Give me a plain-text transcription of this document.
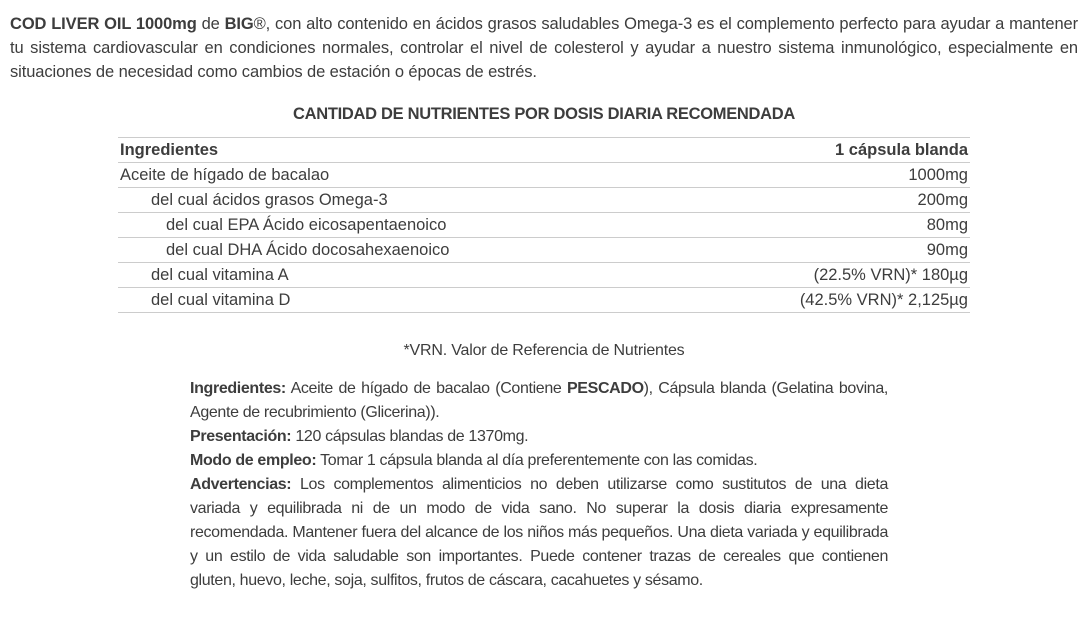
COD LIVER OIL 1000mg de BIG®, con alto contenido en ácidos grasos saludables Omega-3 es el complemento perfecto para ayudar a mantener tu sistema cardiovascular en condiciones normales, controlar el nivel de colesterol y ayudar a nuestro sistema inmunológico, especialmente en situaciones de necesidad como cambios de estación o épocas de estrés.

CANTIDAD DE NUTRIENTES POR DOSIS DIARIA RECOMENDADA
Ingredientes	1 cápsula blanda
Aceite de hígado de bacalao	1000mg
del cual ácidos grasos Omega-3	200mg
del cual EPA Ácido eicosapentaenoico	80mg
del cual DHA Ácido docosahexaenoico	90mg
del cual vitamina A	(22.5% VRN)* 180µg
del cual vitamina D	(42.5% VRN)* 2,125µg
*VRN. Valor de Referencia de Nutrientes

Ingredientes: Aceite de hígado de bacalao (Contiene PESCADO), Cápsula blanda (Gelatina bovina, Agente de recubrimiento (Glicerina)).

Presentación: 120 cápsulas blandas de 1370mg.

Modo de empleo: Tomar 1 cápsula blanda al día preferentemente con las comidas.

Advertencias: Los complementos alimenticios no deben utilizarse como sustitutos de una dieta variada y equilibrada ni de un modo de vida sano. No superar la dosis diaria expresamente recomendada. Mantener fuera del alcance de los niños más pequeños. Una dieta variada y equilibrada y un estilo de vida saludable son importantes. Puede contener trazas de cereales que contienen gluten, huevo, leche, soja, sulfitos, frutos de cáscara, cacahuetes y sésamo.
